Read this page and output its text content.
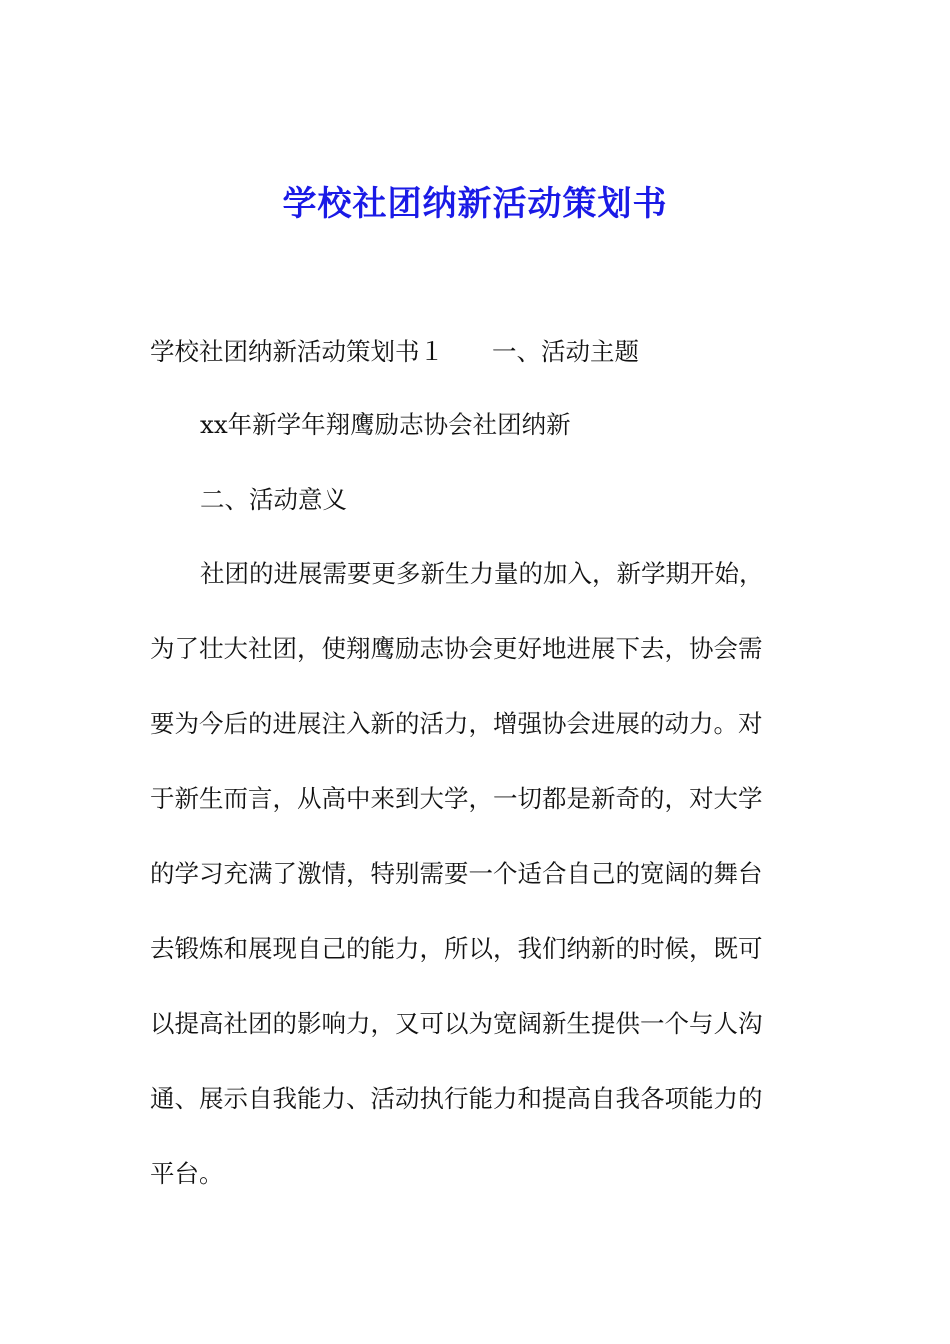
学校社团纳新活动策划书
学校社团纳新活动策划书１ 一、活动主题
xx年新学年翔鹰励志协会社团纳新
二、活动意义
社团的进展需要更多新生力量的加入，新学期开始，
为了壮大社团，使翔鹰励志协会更好地进展下去，协会需
要为今后的进展注入新的活力，增强协会进展的动力。对
于新生而言，从高中来到大学，一切都是新奇的，对大学
的学习充满了激情，特别需要一个适合自己的宽阔的舞台
去锻炼和展现自己的能力，所以，我们纳新的时候，既可
以提高社团的影响力，又可以为宽阔新生提供一个与人沟
通、展示自我能力、活动执行能力和提高自我各项能力的
平台。
